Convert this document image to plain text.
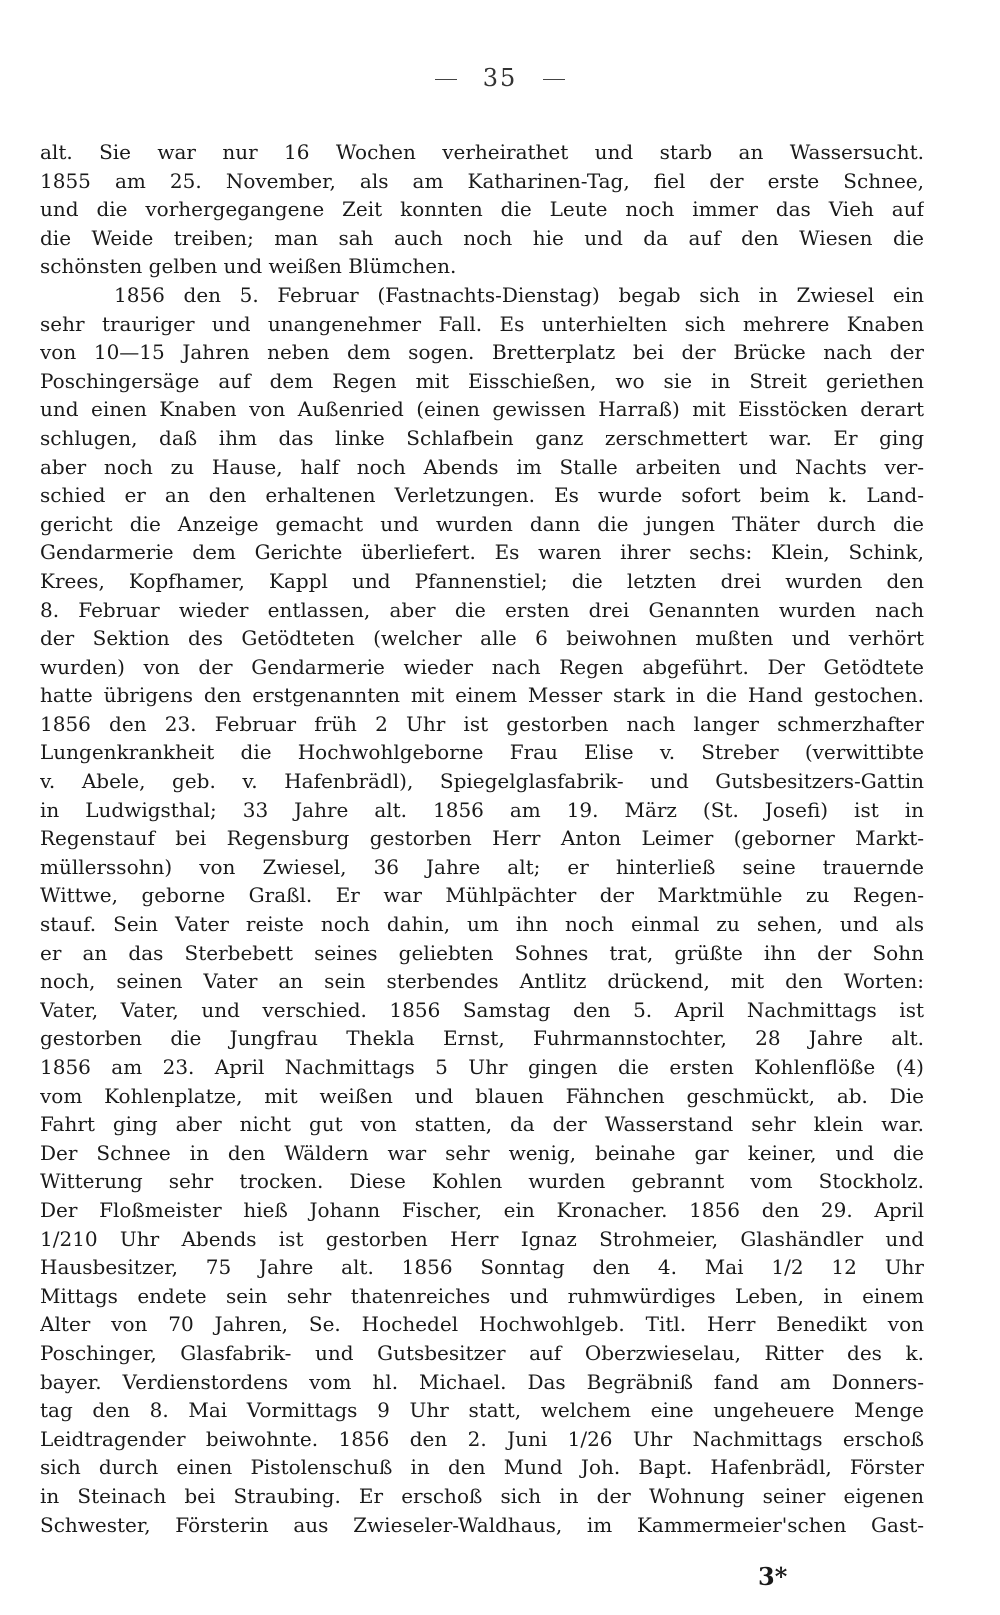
35
alt. Sie war nur 16 Wochen verheirathet und starb an Wassersucht.
1855 am 25. November, als am Katharinen-Tag, fiel der erste Schnee,
und die vorhergegangene Zeit konnten die Leute noch immer das Vieh auf
die Weide treiben; man sah auch noch hie und da auf den Wiesen die
schönsten gelben und weißen Blümchen.
1856 den 5. Februar (Fastnachts-Dienstag) begab sich in Zwiesel ein
sehr trauriger und unangenehmer Fall. Es unterhielten sich mehrere Knaben
von 10—15 Jahren neben dem sogen. Bretterplatz bei der Brücke nach der
Poschingersäge auf dem Regen mit Eisschießen, wo sie in Streit geriethen
und einen Knaben von Außenried (einen gewissen Harraß) mit Eisstöcken derart
schlugen, daß ihm das linke Schlafbein ganz zerschmettert war. Er ging
aber noch zu Hause, half noch Abends im Stalle arbeiten und Nachts ver-
schied er an den erhaltenen Verletzungen. Es wurde sofort beim k. Land-
gericht die Anzeige gemacht und wurden dann die jungen Thäter durch die
Gendarmerie dem Gerichte überliefert. Es waren ihrer sechs: Klein, Schink,
Krees, Kopfhamer, Kappl und Pfannenstiel; die letzten drei wurden den
8. Februar wieder entlassen, aber die ersten drei Genannten wurden nach
der Sektion des Getödteten (welcher alle 6 beiwohnen mußten und verhört
wurden) von der Gendarmerie wieder nach Regen abgeführt. Der Getödtete
hatte übrigens den erstgenannten mit einem Messer stark in die Hand gestochen.
1856 den 23. Februar früh 2 Uhr ist gestorben nach langer schmerzhafter
Lungenkrankheit die Hochwohlgeborne Frau Elise v. Streber (verwittibte
v. Abele, geb. v. Hafenbrädl), Spiegelglasfabrik- und Gutsbesitzers-Gattin
in Ludwigsthal; 33 Jahre alt. 1856 am 19. März (St. Josefi) ist in
Regenstauf bei Regensburg gestorben Herr Anton Leimer (geborner Markt-
müllerssohn) von Zwiesel, 36 Jahre alt; er hinterließ seine trauernde
Wittwe, geborne Graßl. Er war Mühlpächter der Marktmühle zu Regen-
stauf. Sein Vater reiste noch dahin, um ihn noch einmal zu sehen, und als
er an das Sterbebett seines geliebten Sohnes trat, grüßte ihn der Sohn
noch, seinen Vater an sein sterbendes Antlitz drückend, mit den Worten:
Vater, Vater, und verschied. 1856 Samstag den 5. April Nachmittags ist
gestorben die Jungfrau Thekla Ernst, Fuhrmannstochter, 28 Jahre alt.
1856 am 23. April Nachmittags 5 Uhr gingen die ersten Kohlenflöße (4)
vom Kohlenplatze, mit weißen und blauen Fähnchen geschmückt, ab. Die
Fahrt ging aber nicht gut von statten, da der Wasserstand sehr klein war.
Der Schnee in den Wäldern war sehr wenig, beinahe gar keiner, und die
Witterung sehr trocken. Diese Kohlen wurden gebrannt vom Stockholz.
Der Floßmeister hieß Johann Fischer, ein Kronacher. 1856 den 29. April
1/210 Uhr Abends ist gestorben Herr Ignaz Strohmeier, Glashändler und
Hausbesitzer, 75 Jahre alt. 1856 Sonntag den 4. Mai 1/2 12 Uhr
Mittags endete sein sehr thatenreiches und ruhmwürdiges Leben, in einem
Alter von 70 Jahren, Se. Hochedel Hochwohlgeb. Titl. Herr Benedikt von
Poschinger, Glasfabrik- und Gutsbesitzer auf Oberzwieselau, Ritter des k.
bayer. Verdienstordens vom hl. Michael. Das Begräbniß fand am Donners-
tag den 8. Mai Vormittags 9 Uhr statt, welchem eine ungeheuere Menge
Leidtragender beiwohnte. 1856 den 2. Juni 1/26 Uhr Nachmittags erschoß
sich durch einen Pistolenschuß in den Mund Joh. Bapt. Hafenbrädl, Förster
in Steinach bei Straubing. Er erschoß sich in der Wohnung seiner eigenen
Schwester, Försterin aus Zwieseler-Waldhaus, im Kammermeier'schen Gast-
3*
